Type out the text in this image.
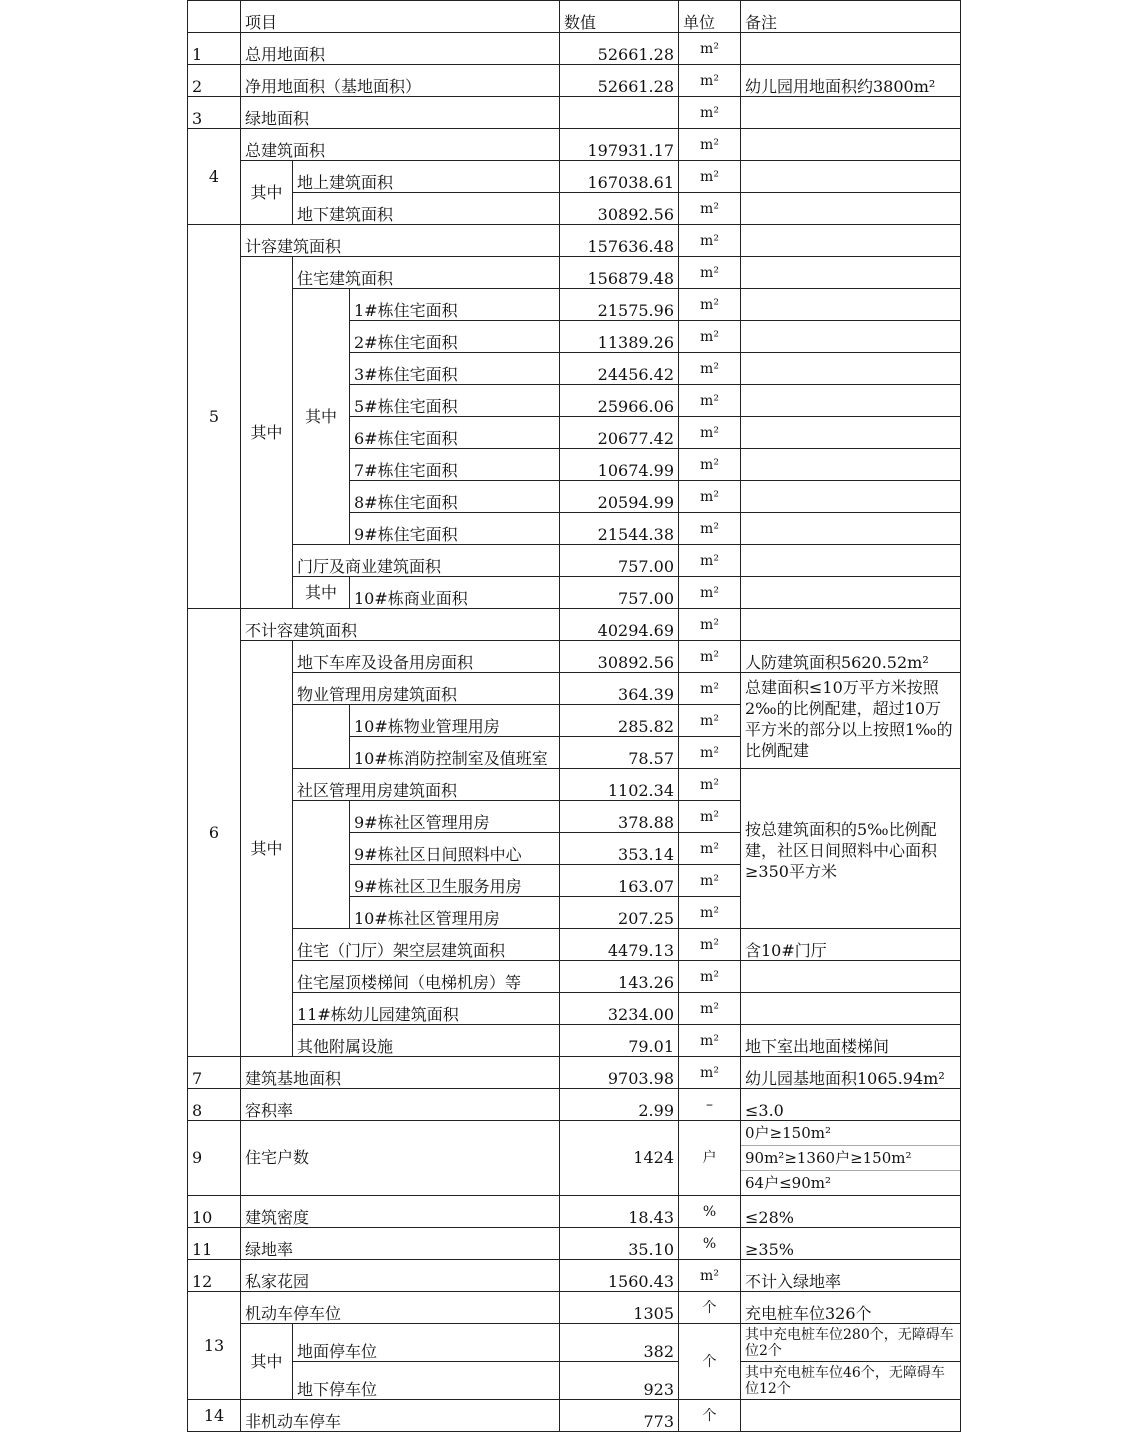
	项目			数值	单位	备注
1	总用地面积			52661.28	m²	
2	净用地面积（基地面积）			52661.28	m²	幼儿园用地面积约3800m²
3	绿地面积				m²	
4	总建筑面积			197931.17	m²	
	其中	地上建筑面积		167038.61	m²	
		地下建筑面积		30892.56	m²	
5	计容建筑面积			157636.48	m²	
	其中	住宅建筑面积		156879.48	m²	
		其中	1#栋住宅面积	21575.96	m²	
			2#栋住宅面积	11389.26	m²	
			3#栋住宅面积	24456.42	m²	
			5#栋住宅面积	25966.06	m²	
			6#栋住宅面积	20677.42	m²	
			7#栋住宅面积	10674.99	m²	
			8#栋住宅面积	20594.99	m²	
			9#栋住宅面积	21544.38	m²	
		门厅及商业建筑面积		757.00	m²	
		其中	10#栋商业面积	757.00	m²	
6	不计容建筑面积			40294.69	m²	
	其中	地下车库及设备用房面积		30892.56	m²	人防建筑面积5620.52m²
		物业管理用房建筑面积		364.39	m²	总建面积≤10万平方米按照2‰的比例配建，超过10万平方米的部分以上按照1‰的比例配建
			10#栋物业管理用房	285.82	m²	
			10#栋消防控制室及值班室	78.57	m²	
		社区管理用房建筑面积		1102.34	m²	按总建筑面积的5‰比例配建，社区日间照料中心面积≥350平方米
			9#栋社区管理用房	378.88	m²	
			9#栋社区日间照料中心	353.14	m²	
			9#栋社区卫生服务用房	163.07	m²	
			10#栋社区管理用房	207.25	m²	
		住宅（门厅）架空层建筑面积		4479.13	m²	含10#门厅
		住宅屋顶楼梯间（电梯机房）等		143.26	m²	
		11#栋幼儿园建筑面积		3234.00	m²	
		其他附属设施		79.01	m²	地下室出地面楼梯间
7	建筑基地面积			9703.98	m²	幼儿园基地面积1065.94m²
8	容积率			2.99	–	≤3.0
9	住宅户数			1424	户	0户≥150m²
90m²≥1360户≥150m²
64户≤90m²

10	建筑密度			18.43	%	≤28%
11	绿地率			35.10	%	≥35%
12	私家花园			1560.43	m²	不计入绿地率
13	机动车停车位			1305	个	充电桩车位326个
	其中	地面停车位		382	个	其中充电桩车位280个，无障碍车位2个
		地下停车位		923		其中充电桩车位46个，无障碍车位12个
14	非机动车停车			773	个	
